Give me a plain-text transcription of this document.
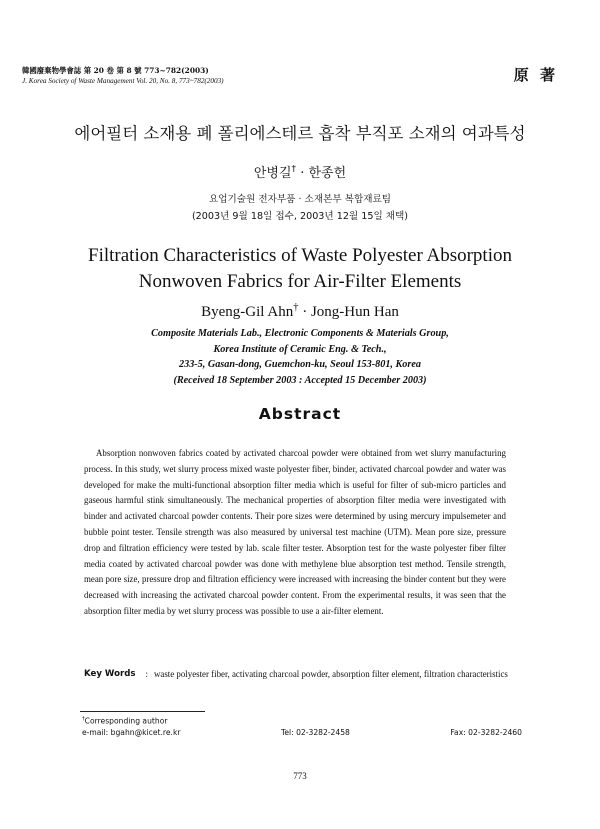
韓國廢棄物學會誌 第 20 卷 第 8 號 773~782(2003)
J. Korea Society of Waste Management Vol. 20, No. 8, 773~782(2003)	原 著
에어필터 소재용 폐 폴리에스테르 흡착 부직포 소재의 여과특성
안병길† · 한종헌
요업기술원 전자부품 · 소재본부 복합재료팀
(2003년 9월 18일 접수, 2003년 12월 15일 채택)
Filtration Characteristics of Waste Polyester Absorption
Nonwoven Fabrics for Air-Filter Elements
Byeng-Gil Ahn† · Jong-Hun Han
Composite Materials Lab., Electronic Components & Materials Group,
Korea Institute of Ceramic Eng. & Tech.,
233-5, Gasan-dong, Guemchon-ku, Seoul 153-801, Korea
(Received 18 September 2003 : Accepted 15 December 2003)
Abstract

Absorption nonwoven fabrics coated by activated charcoal powder were obtained from wet slurry manufacturing process. In this study, wet slurry process mixed waste polyester fiber, binder, activated charcoal powder and water was developed for make the multi-functional absorption filter media which is useful for filter of sub-micro particles and gaseous harmful stink simultaneously. The mechanical properties of absorption filter media were investigated with binder and activated charcoal powder contents. Their pore sizes were determined by using mercury impulsemeter and bubble point tester. Tensile strength was also measured by universal test machine (UTM). Mean pore size, pressure drop and filtration efficiency were tested by lab. scale filter tester. Absorption test for the waste polyester fiber filter media coated by activated charcoal powder was done with methylene blue absorption test method. Tensile strength, mean pore size, pressure drop and filtration efficiency were increased with increasing the binder content but they were decreased with increasing the activated charcoal powder content. From the experimental results, it was seen that the absorption filter media by wet slurry process was possible to use a air-filter element.

Key Words	: waste polyester fiber, activating charcoal powder, absorption filter element, filtration characteristics
†Corresponding author
e-mail: bgahn@kicet.re.kr	Tel: 02-3282-2458	Fax: 02-3282-2460
773
